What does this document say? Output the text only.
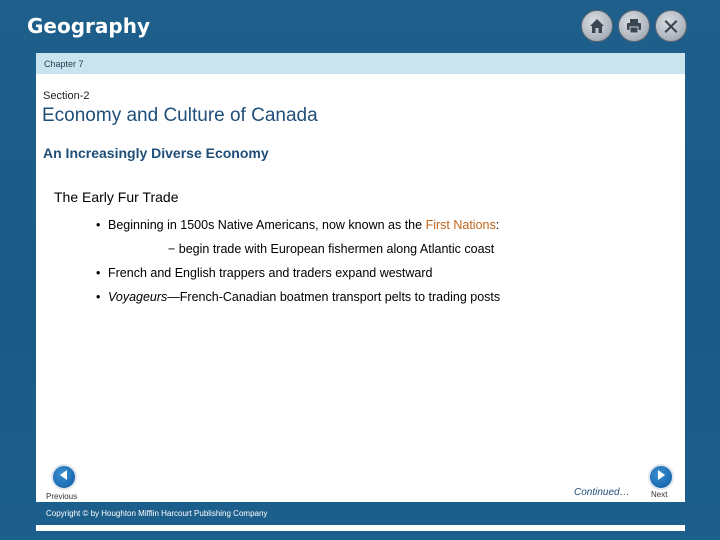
Geography
Chapter 7
Section-2
Economy and Culture of Canada
An Increasingly Diverse Economy
The Early Fur Trade
• Beginning in 1500s Native Americans, now known as the First Nations:
− begin trade with European fishermen along Atlantic coast
• French and English trappers and traders expand westward
• Voyageurs—French-Canadian boatmen transport pelts to trading posts
Previous	Continued…	Next
Copyright © by Houghton Mifflin Harcourt Publishing Company
